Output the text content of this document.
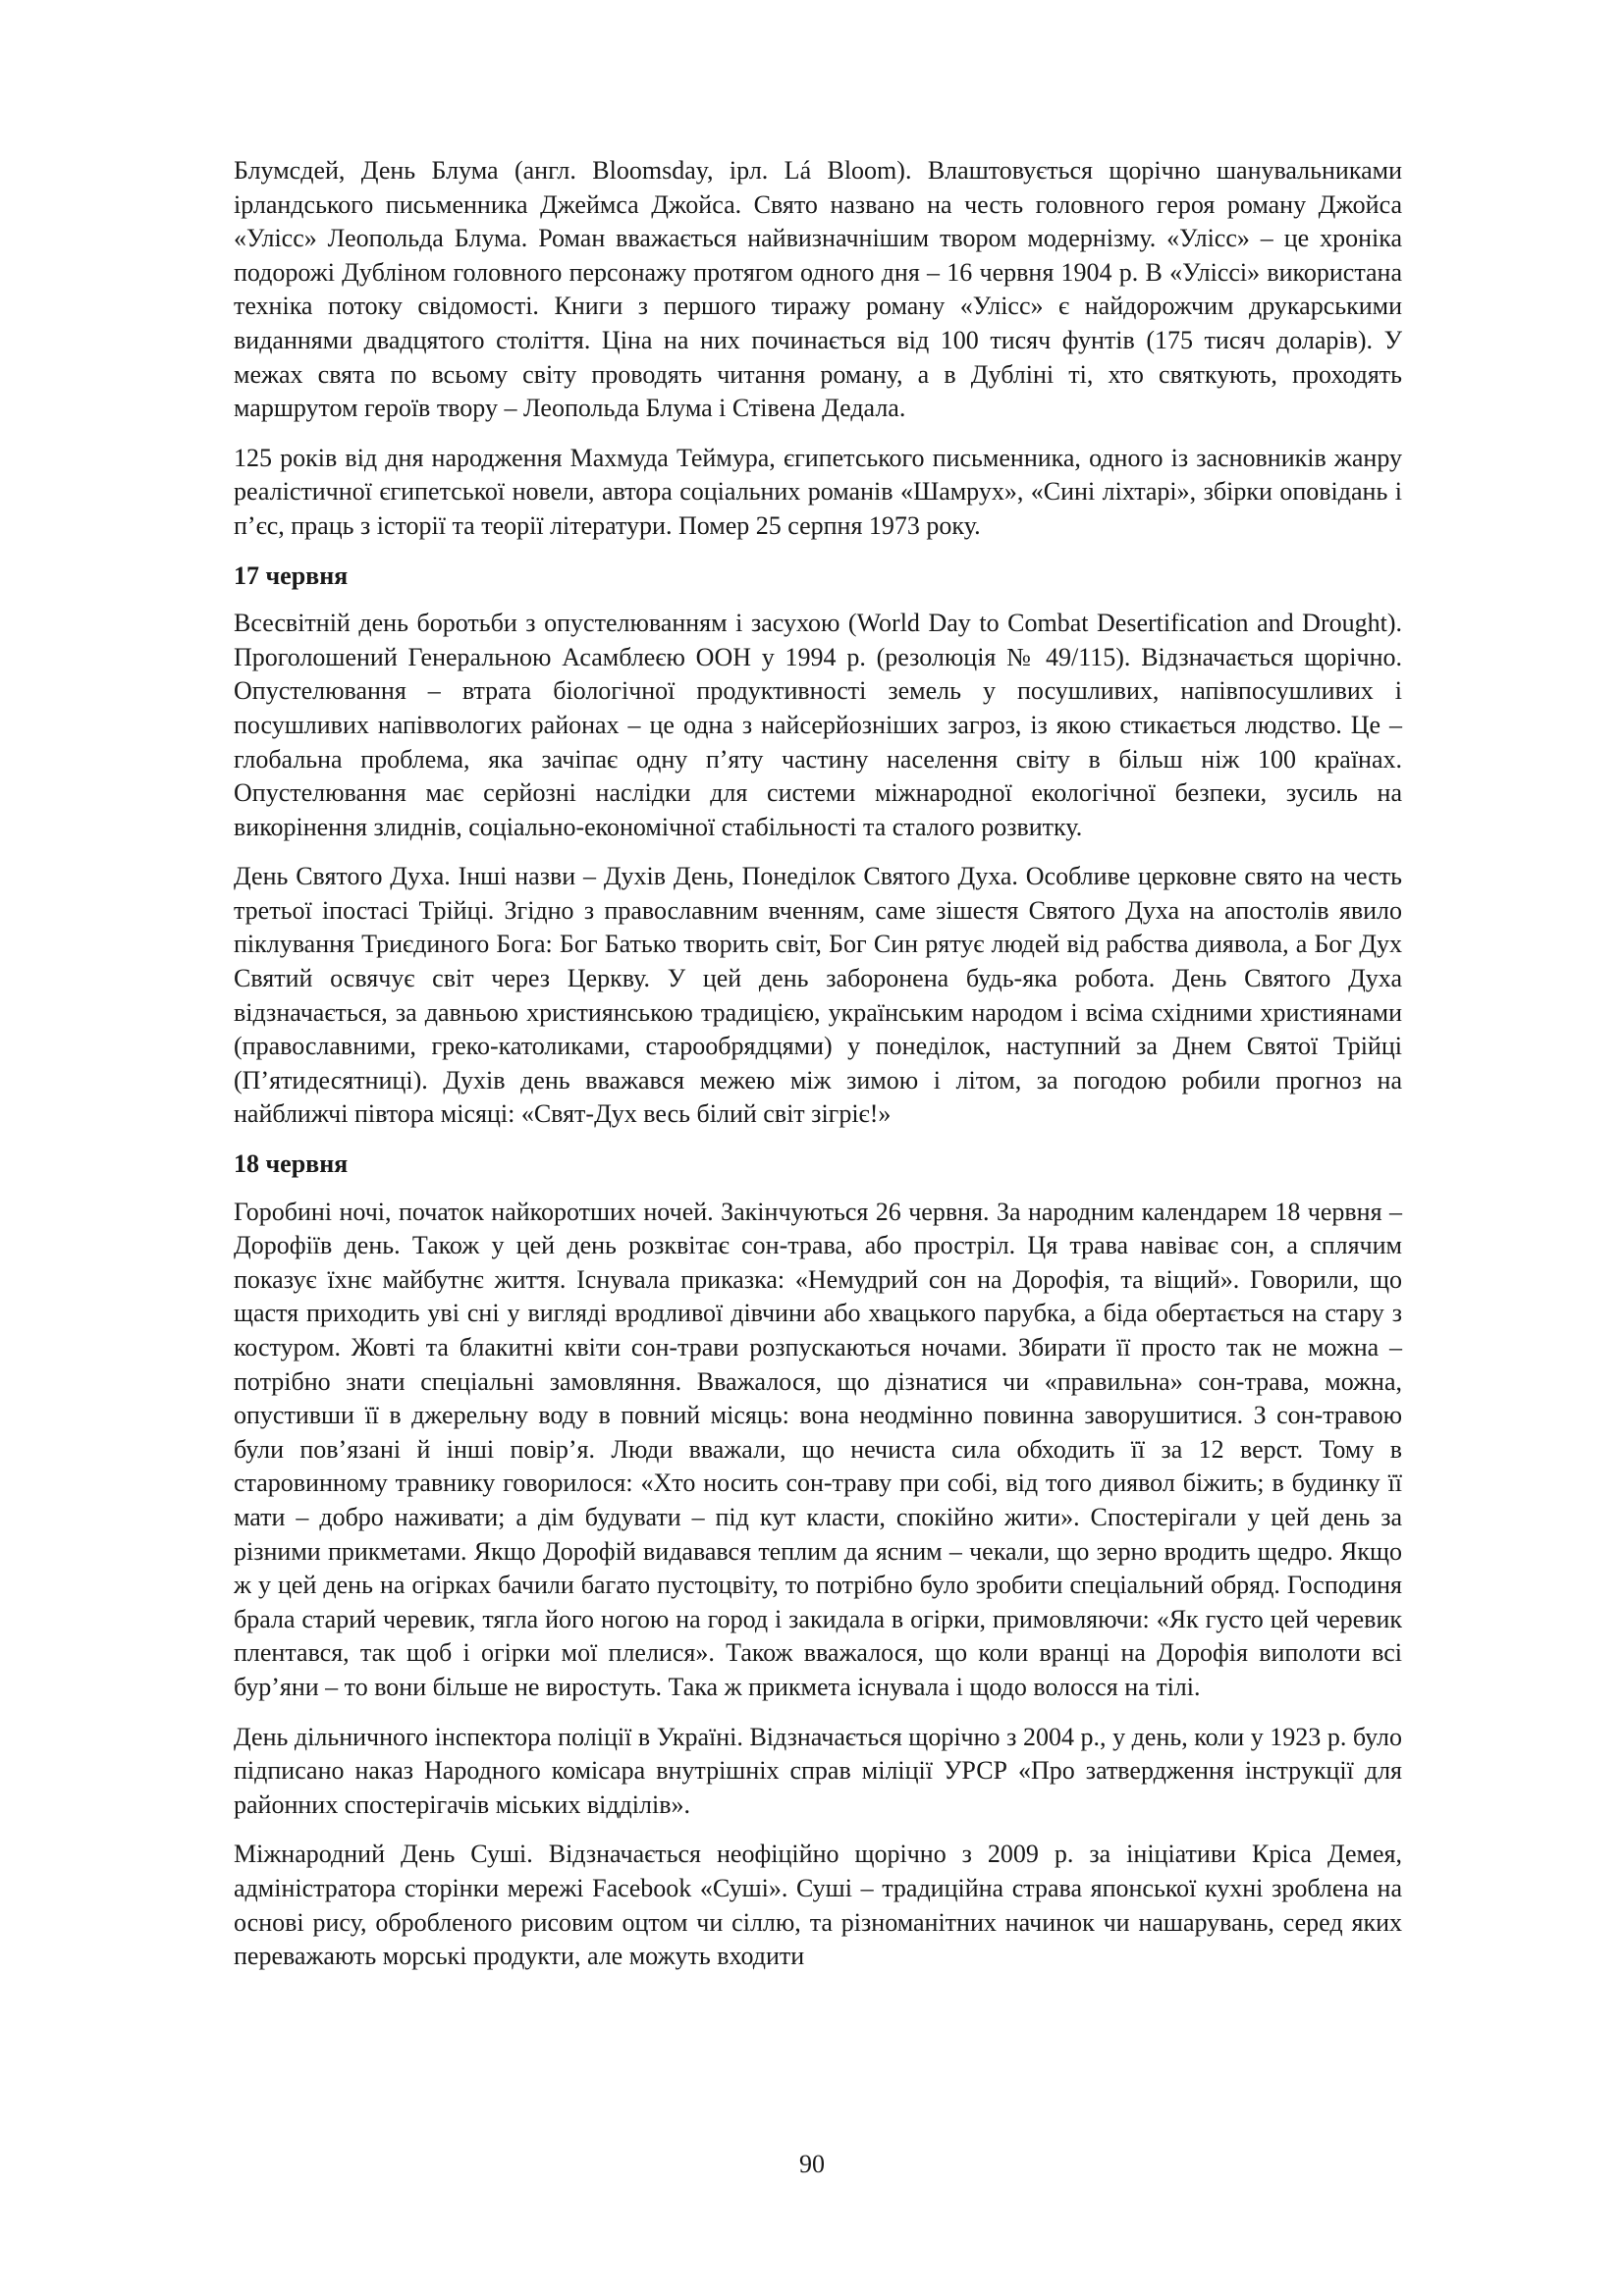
Блумсдей, День Блума (англ. Bloomsday, ірл. Lá Bloom). Влаштовується щорічно шанувальниками ірландського письменника Джеймса Джойса. Свято названо на честь головного героя роману Джойса «Улісс» Леопольда Блума. Роман вважається найвизначнішим твором модернізму. «Улісс» – це хроніка подорожі Дубліном головного персонажу протягом одного дня – 16 червня 1904 р. В «Уліссі» використана техніка потоку свідомості. Книги з першого тиражу роману «Улісс» є найдорожчим друкарськими виданнями двадцятого століття. Ціна на них починається від 100 тисяч фунтів (175 тисяч доларів). У межах свята по всьому світу проводять читання роману, а в Дубліні ті, хто святкують, проходять маршрутом героїв твору – Леопольда Блума і Стівена Дедала.

125 років від дня народження Махмуда Теймура, єгипетського письменника, одного із засновників жанру реалістичної єгипетської новели, автора соціальних романів «Шамрух», «Сині ліхтарі», збірки оповідань і п’єс, праць з історії та теорії літератури. Помер 25 серпня 1973 року.

17 червня

Всесвітній день боротьби з опустелюванням і засухою (World Day to Combat Desertification and Drought). Проголошений Генеральною Асамблеєю ООН у 1994 р. (резолюція № 49/115). Відзначається щорічно. Опустелювання – втрата біологічної продуктивності земель у посушливих, напівпосушливих і посушливих напіввологих районах – це одна з найсерйозніших загроз, із якою стикається людство. Це – глобальна проблема, яка зачіпає одну п’яту частину населення світу в більш ніж 100 країнах. Опустелювання має серйозні наслідки для системи міжнародної екологічної безпеки, зусиль на викорінення злиднів, соціально-економічної стабільності та сталого розвитку.

День Святого Духа. Інші назви – Духів День, Понеділок Святого Духа. Особливе церковне свято на честь третьої іпостасі Трійці. Згідно з православним вченням, саме зішестя Святого Духа на апостолів явило піклування Триєдиного Бога: Бог Батько творить світ, Бог Син рятує людей від рабства диявола, а Бог Дух Святий освячує світ через Церкву. У цей день заборонена будь-яка робота. День Святого Духа відзначається, за давньою християнською традицією, українським народом і всіма східними християнами (православними, греко-католиками, старообрядцями) у понеділок, наступний за Днем Святої Трійці (П’ятидесятниці). Духів день вважався межею між зимою і літом, за погодою робили прогноз на найближчі півтора місяці: «Свят-Дух весь білий світ зігріє!»

18 червня

Горобині ночі, початок найкоротших ночей. Закінчуються 26 червня. За народним календарем 18 червня – Дорофіїв день. Також у цей день розквітає сон-трава, або прострiл. Ця трава навіває сон, а сплячим показує їхнє майбутнє життя. Існувала приказка: «Немудрий сон на Дорофія, та віщий». Говорили, що щастя приходить уві сні у вигляді вродливої дівчини або хвацького парубка, а біда обертається на стару з костуром. Жовті та блакитні квіти сон-трави розпускаються ночами. Збирати її просто так не можна – потрібно знати спеціальні замовляння. Вважалося, що дізнатися чи «правильна» сон-трава, можна, опустивши її в джерельну воду в повний місяць: вона неодмінно повинна заворушитися. З сон-травою були пов’язані й інші повір’я. Люди вважали, що нечиста сила обходить її за 12 верст. Тому в старовинному травнику говорилося: «Хто носить сон-траву при собі, від того диявол біжить; в будинку її мати – добро наживати; а дім будувати – під кут класти, спокійно жити». Спостерігали у цей день за різними прикметами. Якщо Дорофій видавався теплим да ясним – чекали, що зерно вродить щедро. Якщо ж у цей день на огірках бачили багато пустоцвіту, то потрібно було зробити спеціальний обряд. Господиня брала старий черевик, тягла його ногою на город і закидала в огірки, примовляючи: «Як густо цей черевик плентався, так щоб і огірки мої плелися». Також вважалося, що коли вранці на Дорофія виполоти всі бур’яни – то вони більше не виростуть. Така ж прикмета існувала і щодо волосся на тілі.

День дільничного інспектора поліції в Україні. Відзначається щорічно з 2004 р., у день, коли у 1923 р. було підписано наказ Народного комісара внутрішніх справ міліції УРСР «Про затвердження інструкції для районних спостерігачів міських відділів».

Міжнародний День Суші. Відзначається неофіційно щорічно з 2009 р. за ініціативи Кріса Демея, адміністратора сторінки мережі Facebook «Суші». Суші – традиційна страва японської кухні зроблена на основі рису, обробленого рисовим оцтом чи сіллю, та різноманітних начинок чи нашарувань, серед яких переважають морські продукти, але можуть входити

90
